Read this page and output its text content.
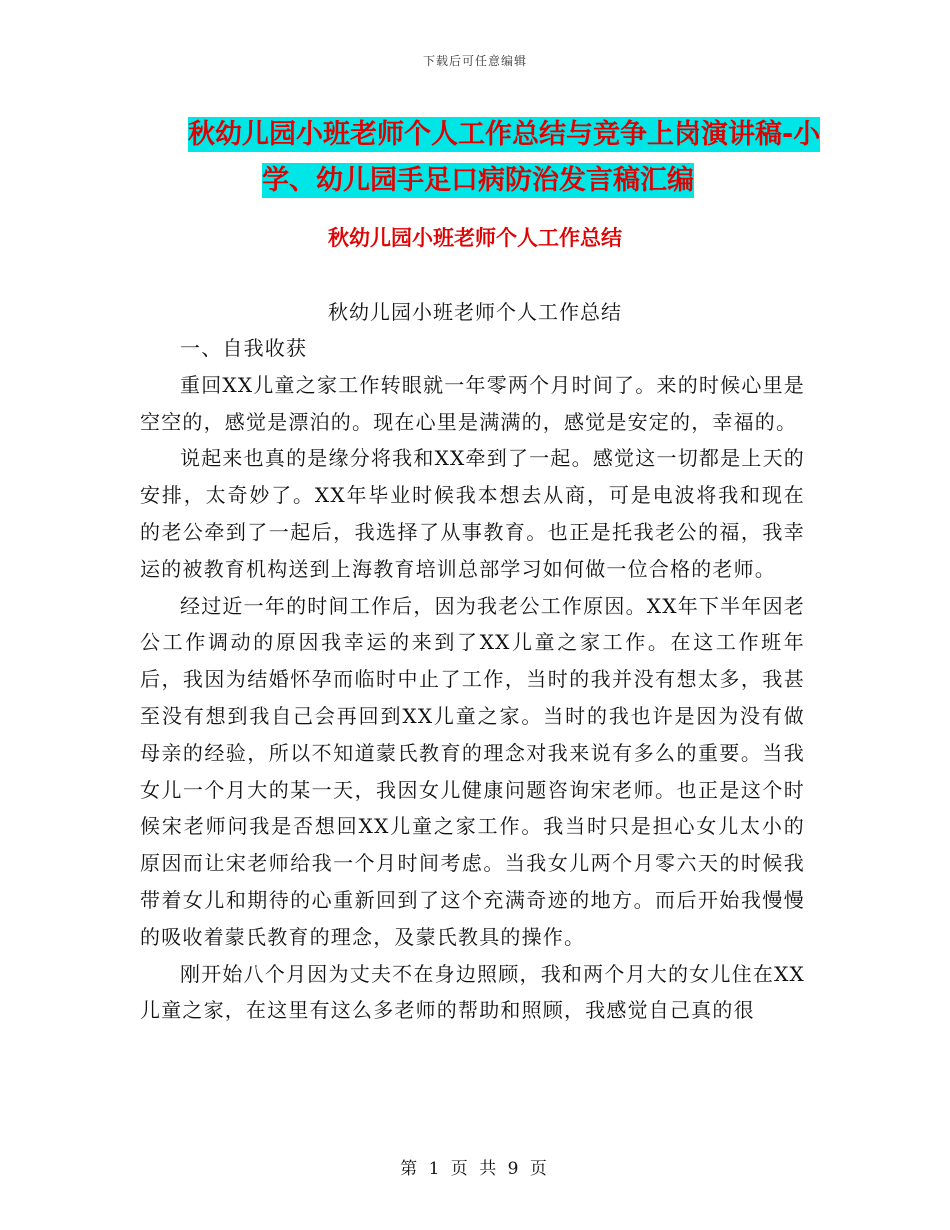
下载后可任意编辑
秋幼儿园小班老师个人工作总结与竞争上岗演讲稿-小
学、幼儿园手足口病防治发言稿汇编
秋幼儿园小班老师个人工作总结
秋幼儿园小班老师个人工作总结

一、自我收获

重回XX儿童之家工作转眼就一年零两个月时间了。来的时候心里是空空的，感觉是漂泊的。现在心里是满满的，感觉是安定的，幸福的。

说起来也真的是缘分将我和XX牵到了一起。感觉这一切都是上天的安排，太奇妙了。XX年毕业时候我本想去从商，可是电波将我和现在的老公牵到了一起后，我选择了从事教育。也正是托我老公的福，我幸运的被教育机构送到上海教育培训总部学习如何做一位合格的老师。

经过近一年的时间工作后，因为我老公工作原因。XX年下半年因老公工作调动的原因我幸运的来到了XX儿童之家工作。在这工作班年后，我因为结婚怀孕而临时中止了工作，当时的我并没有想太多，我甚至没有想到我自己会再回到XX儿童之家。当时的我也许是因为没有做母亲的经验，所以不知道蒙氏教育的理念对我来说有多么的重要。当我女儿一个月大的某一天，我因女儿健康问题咨询宋老师。也正是这个时候宋老师问我是否想回XX儿童之家工作。我当时只是担心女儿太小的原因而让宋老师给我一个月时间考虑。当我女儿两个月零六天的时候我带着女儿和期待的心重新回到了这个充满奇迹的地方。而后开始我慢慢的吸收着蒙氏教育的理念，及蒙氏教具的操作。

刚开始八个月因为丈夫不在身边照顾，我和两个月大的女儿住在XX儿童之家，在这里有这么多老师的帮助和照顾，我感觉自己真的很

第 1 页 共 9 页
